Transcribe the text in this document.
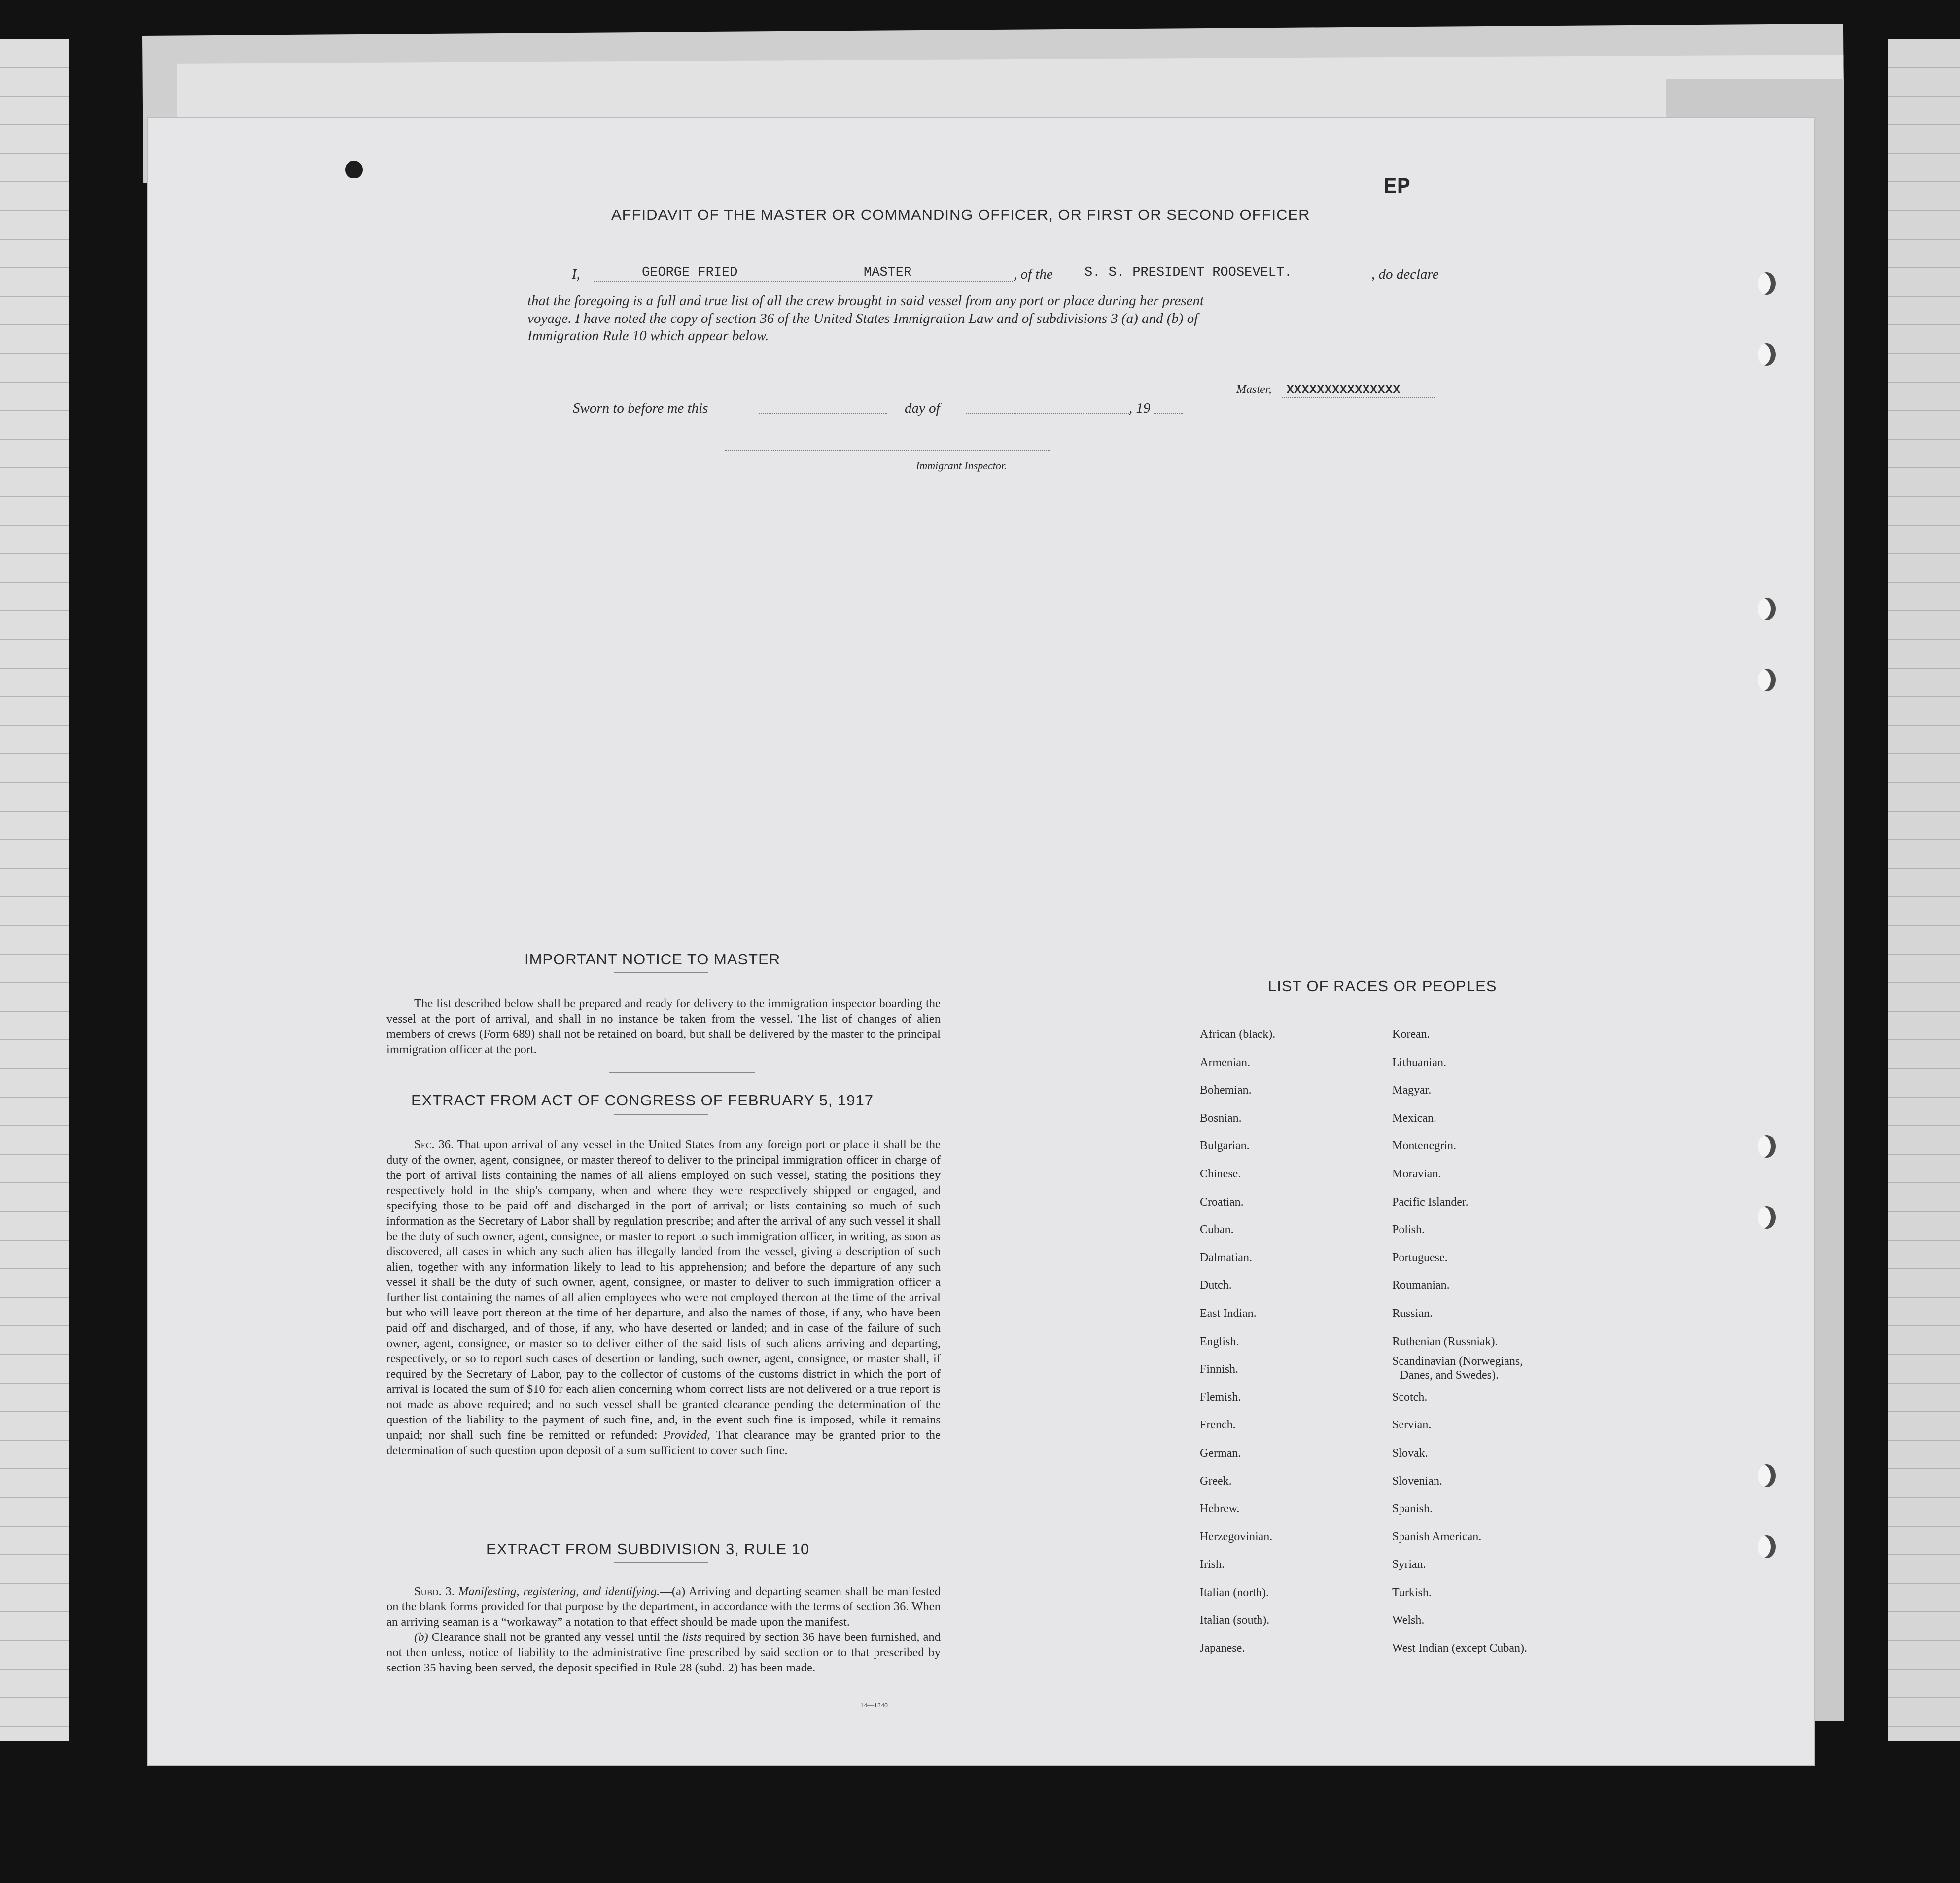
EP
AFFIDAVIT OF THE MASTER OR COMMANDING OFFICER, OR FIRST OR SECOND OFFICER
I,	GEORGE FRIED	MASTER	, of the S. S. PRESIDENT ROOSEVELT.	, do declare
that the foregoing is a full and true list of all the crew brought in said vessel from any port or place during her present
voyage. I have noted the copy of section 36 of the United States Immigration Law and of subdivisions 3 (a) and (b) of
Immigration Rule 10 which appear below.
Master, XXXXXXXXXXXXXXX
Sworn to before me this	day of	, 19
Immigrant Inspector.
IMPORTANT NOTICE TO MASTER
The list described below shall be prepared and ready for delivery to the immigration inspector boarding the vessel at the port of arrival, and shall in no instance be taken from the vessel. The list of changes of alien members of crews (Form 689) shall not be retained on board, but shall be delivered by the master to the principal immigration officer at the port.
EXTRACT FROM ACT OF CONGRESS OF FEBRUARY 5, 1917
Sec. 36. That upon arrival of any vessel in the United States from any foreign port or place it shall be the duty of the owner, agent, consignee, or master thereof to deliver to the principal immigration officer in charge of the port of arrival lists containing the names of all aliens employed on such vessel, stating the positions they respectively hold in the ship's company, when and where they were respectively shipped or engaged, and specifying those to be paid off and discharged in the port of arrival; or lists containing so much of such information as the Secretary of Labor shall by regulation prescribe; and after the arrival of any such vessel it shall be the duty of such owner, agent, consignee, or master to report to such immigration officer, in writing, as soon as discovered, all cases in which any such alien has illegally landed from the vessel, giving a description of such alien, together with any information likely to lead to his apprehension; and before the departure of any such vessel it shall be the duty of such owner, agent, consignee, or master to deliver to such immigration officer a further list containing the names of all alien employees who were not employed thereon at the time of the arrival but who will leave port thereon at the time of her departure, and also the names of those, if any, who have been paid off and discharged, and of those, if any, who have deserted or landed; and in case of the failure of such owner, agent, consignee, or master so to deliver either of the said lists of such aliens arriving and departing, respectively, or so to report such cases of desertion or landing, such owner, agent, consignee, or master shall, if required by the Secretary of Labor, pay to the collector of customs of the customs district in which the port of arrival is located the sum of $10 for each alien concerning whom correct lists are not delivered or a true report is not made as above required; and no such vessel shall be granted clearance pending the determination of the question of the liability to the payment of such fine, and, in the event such fine is imposed, while it remains unpaid; nor shall such fine be remitted or refunded: Provided, That clearance may be granted prior to the determination of such question upon deposit of a sum sufficient to cover such fine.
EXTRACT FROM SUBDIVISION 3, RULE 10
Subd. 3. Manifesting, registering, and identifying.—(a) Arriving and departing seamen shall be manifested on the blank forms provided for that purpose by the department, in accordance with the terms of section 36. When an arriving seaman is a “workaway” a notation to that effect should be made upon the manifest.
(b) Clearance shall not be granted any vessel until the lists required by section 36 have been furnished, and not then unless, notice of liability to the administrative fine prescribed by said section or to that prescribed by section 35 having been served, the deposit specified in Rule 28 (subd. 2) has been made.
14—1240
LIST OF RACES OR PEOPLES
African (black).
Armenian.
Bohemian.
Bosnian.
Bulgarian.
Chinese.
Croatian.
Cuban.
Dalmatian.
Dutch.
East Indian.
English.
Finnish.
Flemish.
French.
German.
Greek.
Hebrew.
Herzegovinian.
Irish.
Italian (north).
Italian (south).
Japanese.
Korean.
Lithuanian.
Magyar.
Mexican.
Montenegrin.
Moravian.
Pacific Islander.
Polish.
Portuguese.
Roumanian.
Russian.
Ruthenian (Russniak).
Scandinavian (Norwegians,
Danes, and Swedes).
Scotch.
Servian.
Slovak.
Slovenian.
Spanish.
Spanish American.
Syrian.
Turkish.
Welsh.
West Indian (except Cuban).
